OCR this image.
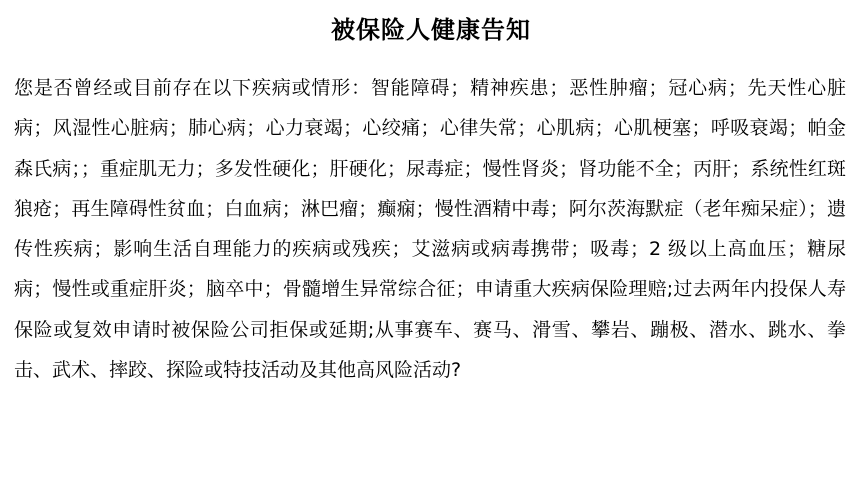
被保险人健康告知

您是否曾经或目前存在以下疾病或情形：智能障碍；精神疾患；恶性肿瘤；冠心病；先天性心脏病；风湿性心脏病；肺心病；心力衰竭；心绞痛；心律失常；心肌病；心肌梗塞；呼吸衰竭；帕金森氏病；；重症肌无力；多发性硬化；肝硬化；尿毒症；慢性肾炎；肾功能不全；丙肝；系统性红斑狼疮；再生障碍性贫血；白血病；淋巴瘤；癫痫；慢性酒精中毒；阿尔茨海默症（老年痴呆症）；遗传性疾病；影响生活自理能力的疾病或残疾；艾滋病或病毒携带；吸毒；2 级以上高血压；糖尿病；慢性或重症肝炎；脑卒中；骨髓增生异常综合征；申请重大疾病保险理赔;过去两年内投保人寿保险或复效申请时被保险公司拒保或延期;从事赛车、赛马、滑雪、攀岩、蹦极、潜水、跳水、拳击、武术、摔跤、探险或特技活动及其他高风险活动?
